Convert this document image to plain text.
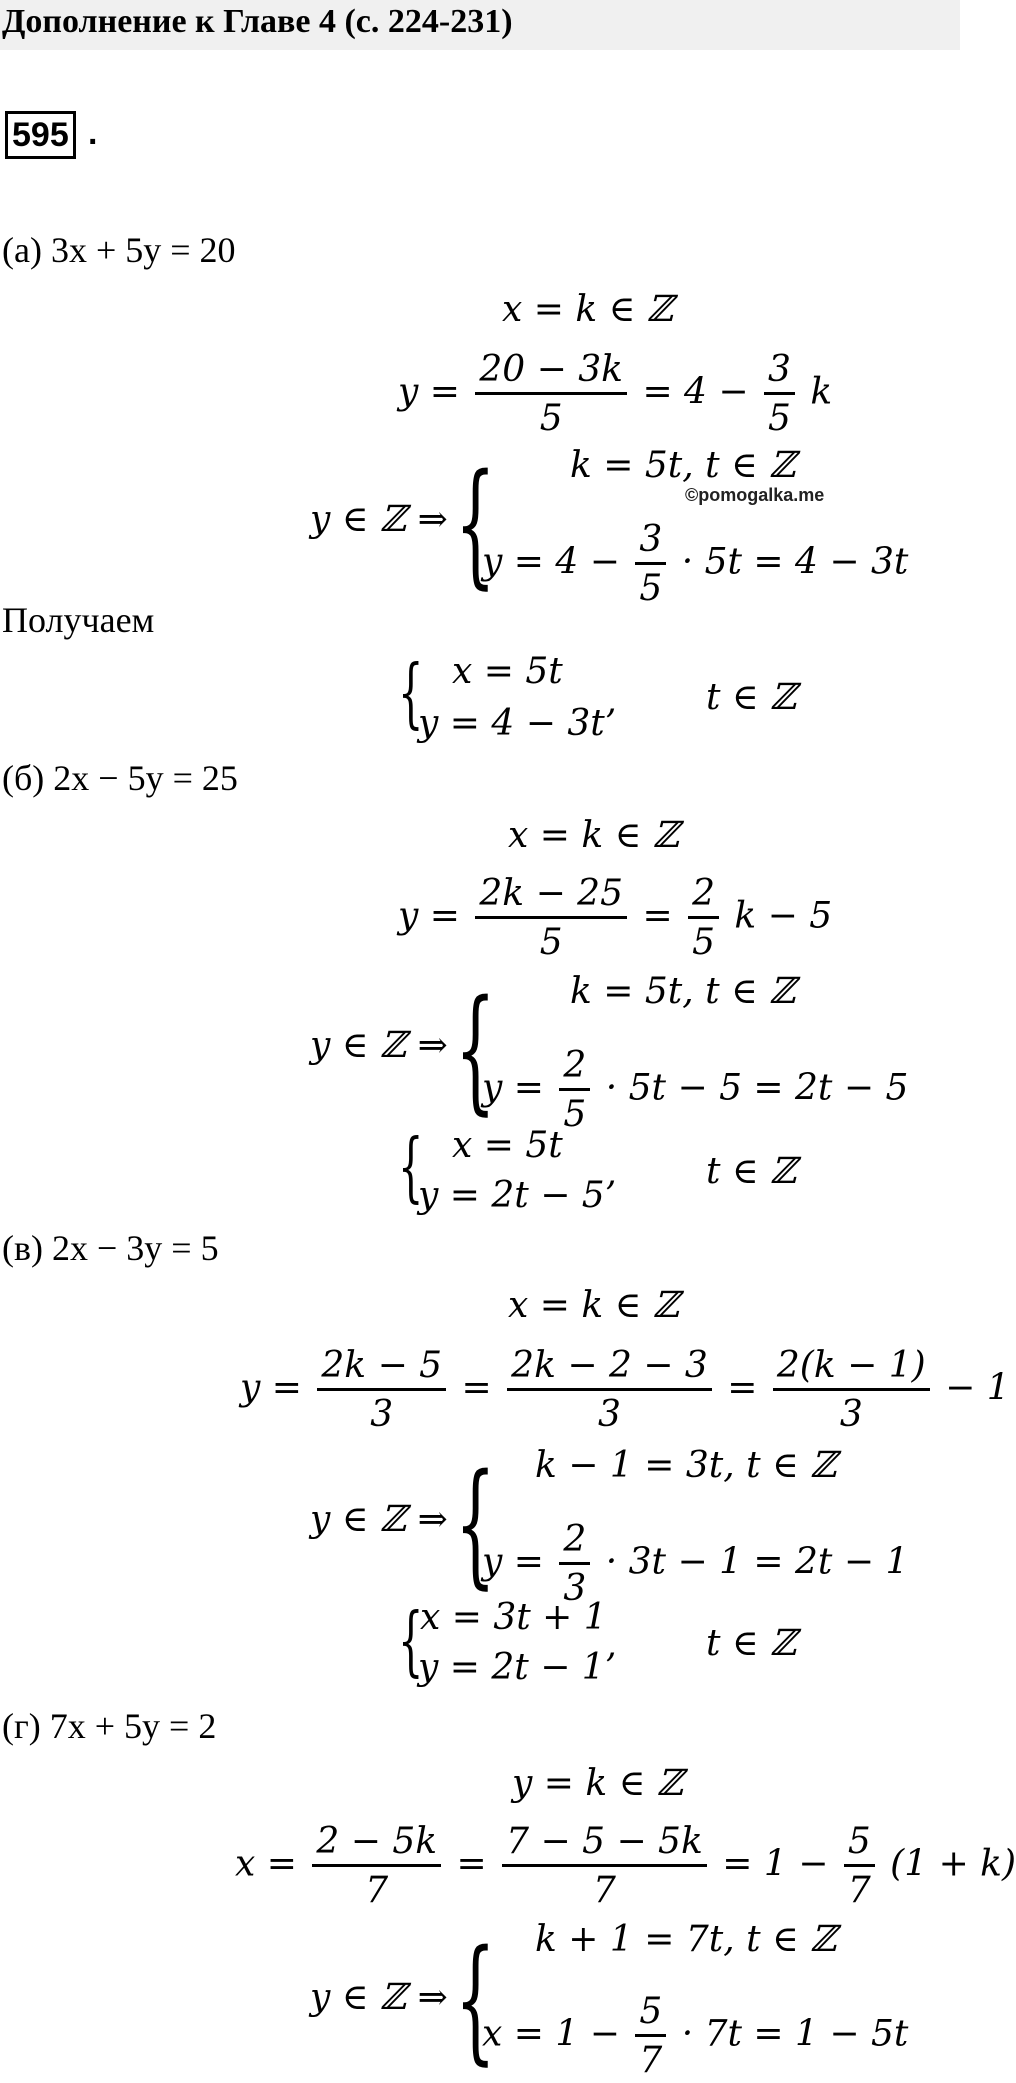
Дополнение к Главе 4 (с. 224-231)
595 .
(а) 3x + 5y = 20
x = k ∈ ℤ
$y = \frac{20 - 3k}{5} = 4 - \frac{3}{5}$ k
y ∈ ℤ ⇒ { k = 5t, t ∈ ℤ
©pomogalka.me
$y = 4 - \frac{3}{5} \cdot 5t = 4 - 3t$
Получаем
{ x = 5t
y = 4 − 3t’
t ∈ ℤ
(б) 2x − 5y = 25
x = k ∈ ℤ
$y = \frac{2k - 25}{5} = \frac{2}{5}$ k − 5
y ∈ ℤ ⇒ { k = 5t, t ∈ ℤ
$y = \frac{2}{5} \cdot 5t - 5 = 2t - 5$
{ x = 5t
y = 2t − 5’
t ∈ ℤ
(в) 2x − 3y = 5
x = k ∈ ℤ
$y = \frac{2k - 5}{3} = \frac{2k - 2 - 3}{3} = \frac{2(k - 1)}{3} - 1$
y ∈ ℤ ⇒ { k − 1 = 3t, t ∈ ℤ
$y = \frac{2}{3} \cdot 3t - 1 = 2t - 1$
{
x = 3t + 1
y = 2t − 1’
t ∈ ℤ
(г) 7x + 5y = 2
y = k ∈ ℤ
$x = \frac{2 - 5k}{7} = \frac{7 - 5 - 5k}{7} = 1 - \frac{5}{7} (1 + k)$
y ∈ ℤ ⇒ { k + 1 = 7t, t ∈ ℤ
$x = 1 - \frac{5}{7} \cdot 7t = 1 - 5t$
